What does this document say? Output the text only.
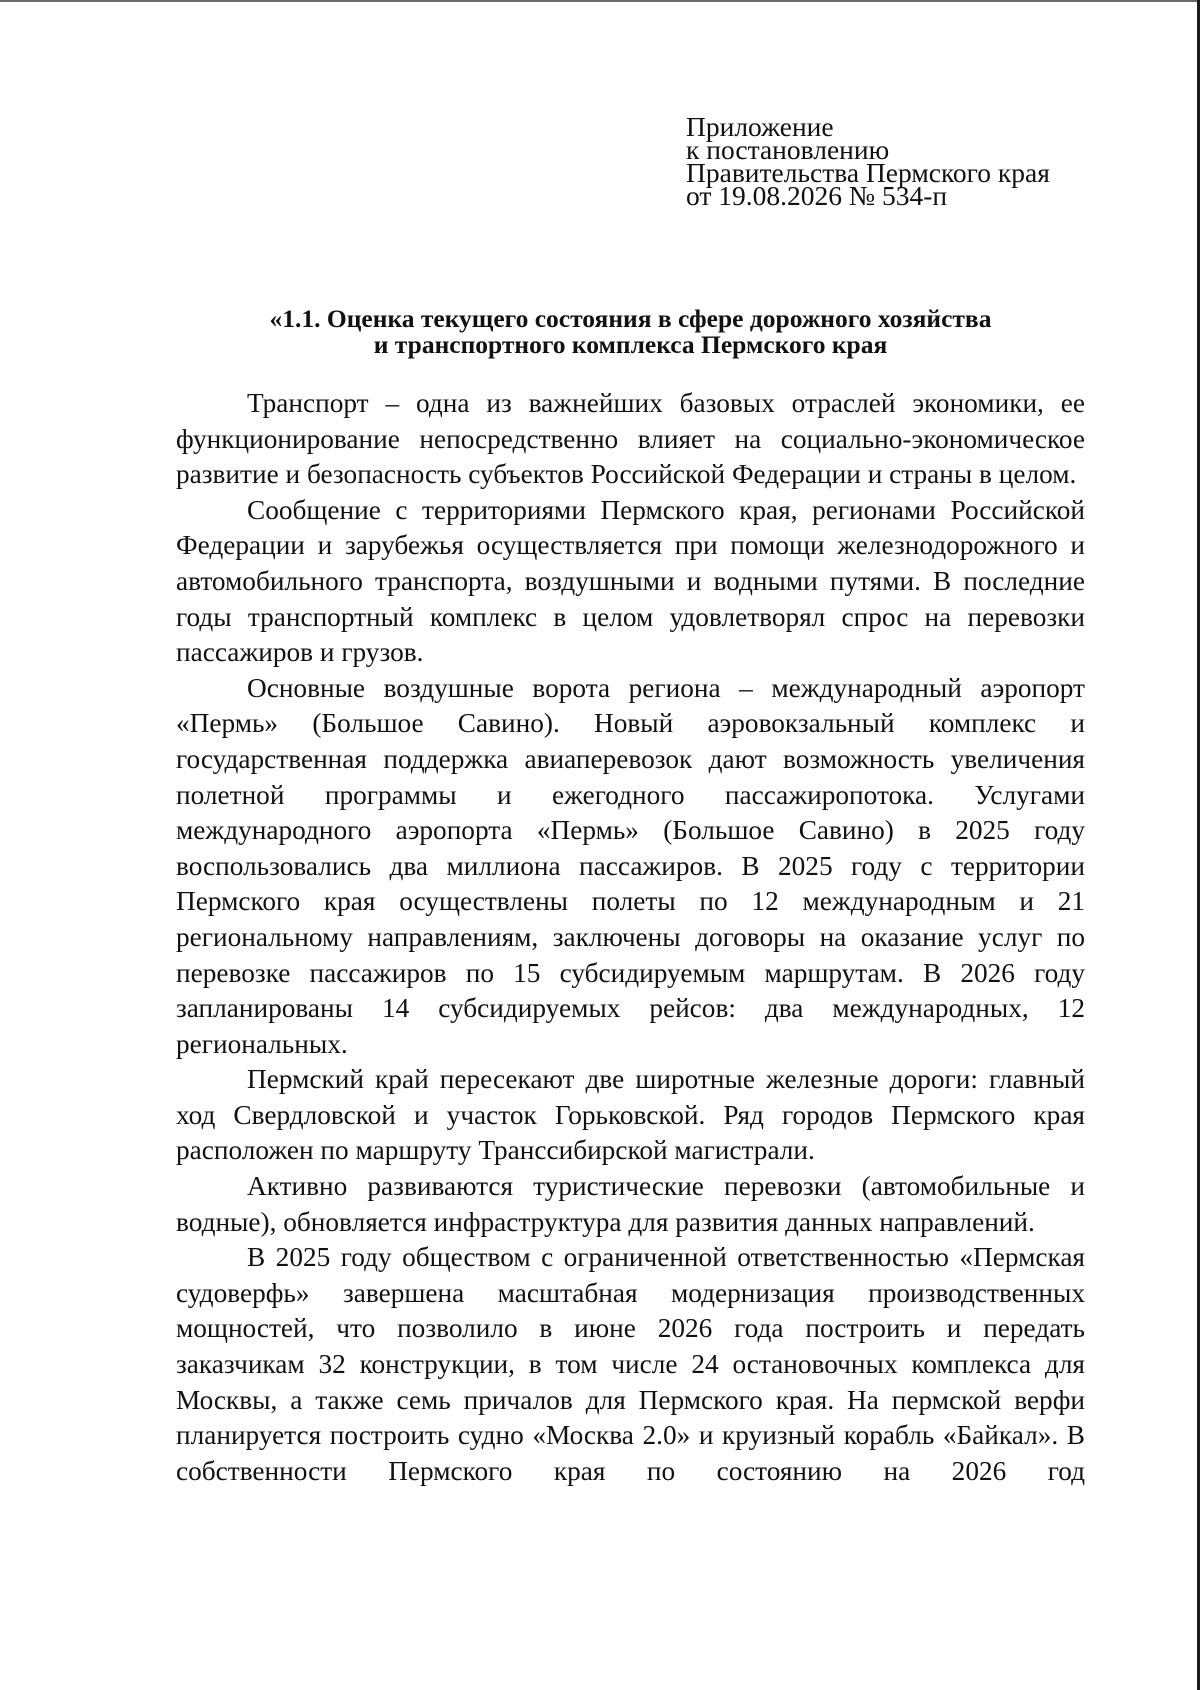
Приложение
к постановлению
Правительства Пермского края
от 19.08.2026 № 534-п
«1.1. Оценка текущего состояния в сфере дорожного хозяйства
и транспортного комплекса Пермского края

Транспорт – одна из важнейших базовых отраслей экономики, ее функционирование непосредственно влияет на социально-экономическое развитие и безопасность субъектов Российской Федерации и страны в целом.

Сообщение с территориями Пермского края, регионами Российской Федерации и зарубежья осуществляется при помощи железнодорожного и автомобильного транспорта, воздушными и водными путями. В последние годы транспортный комплекс в целом удовлетворял спрос на перевозки пассажиров и грузов.

Основные воздушные ворота региона – международный аэропорт «Пермь» (Большое Савино). Новый аэровокзальный комплекс и государственная поддержка авиаперевозок дают возможность увеличения полетной программы и ежегодного пассажиропотока. Услугами международного аэропорта «Пермь» (Большое Савино) в 2025 году воспользовались два миллиона пассажиров. В 2025 году с территории Пермского края осуществлены полеты по 12 международным и 21 региональному направлениям, заключены договоры на оказание услуг по перевозке пассажиров по 15 субсидируемым маршрутам. В 2026 году запланированы 14 субсидируемых рейсов: два международных, 12 региональных.

Пермский край пересекают две широтные железные дороги: главный ход Свердловской и участок Горьковской. Ряд городов Пермского края расположен по маршруту Транссибирской магистрали.

Активно развиваются туристические перевозки (автомобильные и водные), обновляется инфраструктура для развития данных направлений.

В 2025 году обществом с ограниченной ответственностью «Пермская судоверфь» завершена масштабная модернизация производственных мощностей, что позволило в июне 2026 года построить и передать заказчикам 32 конструкции, в том числе 24 остановочных комплекса для Москвы, а также семь причалов для Пермского края. На пермской верфи планируется построить судно «Москва 2.0» и круизный корабль «Байкал». В собственности Пермского края по состоянию на 2026 год
